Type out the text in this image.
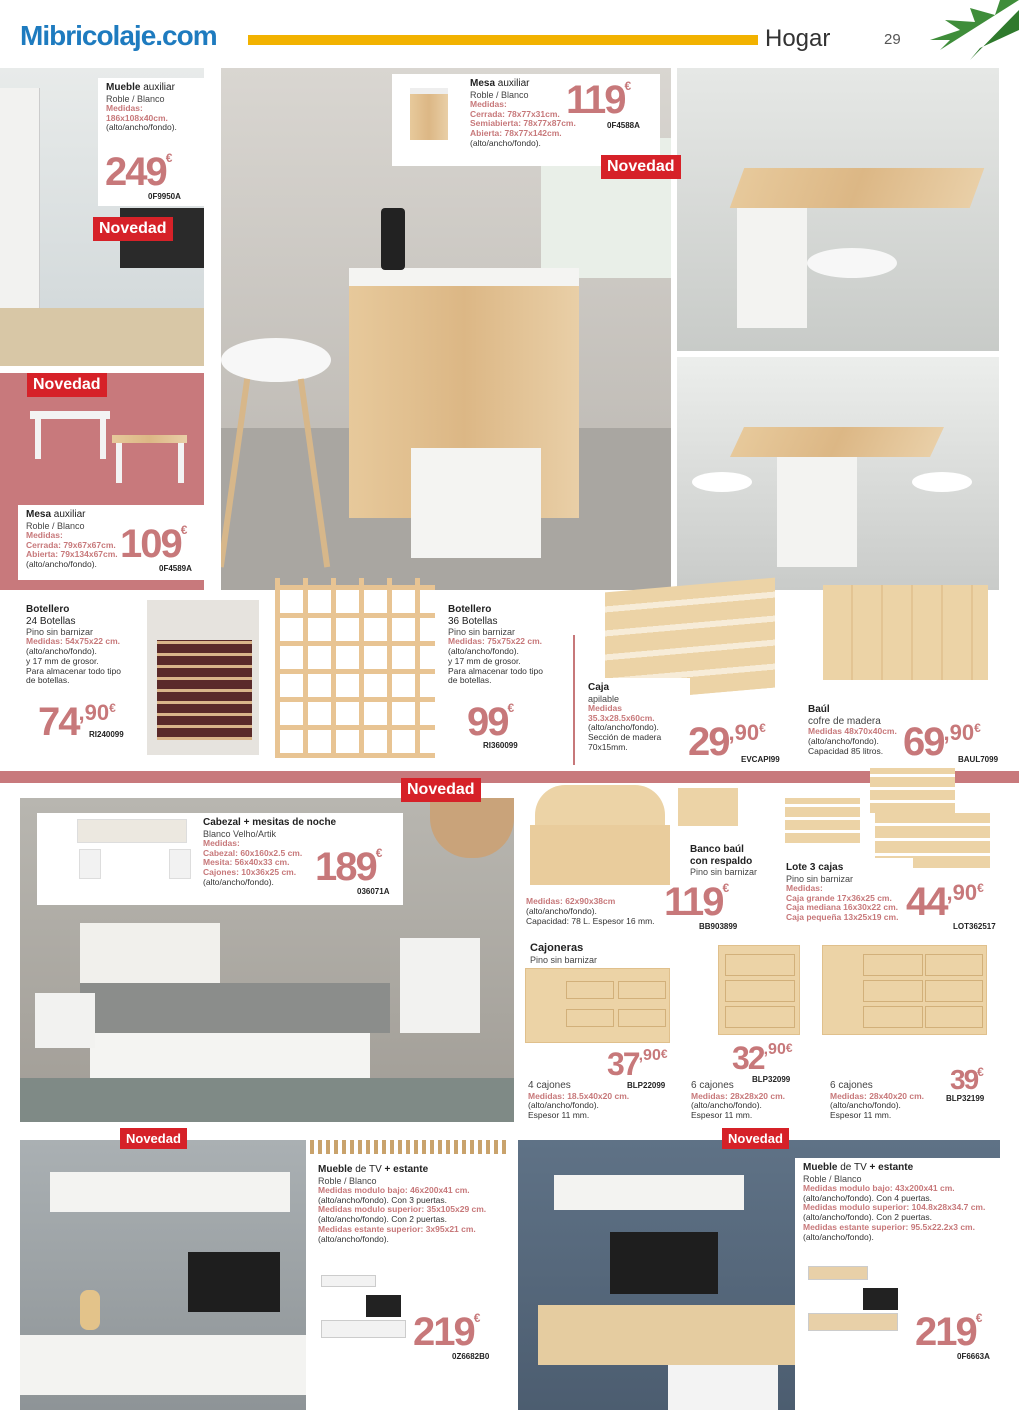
Mibricolaje.com	Hogar	29
Mueble auxiliar
Roble / Blanco
Medidas:
186x108x40cm.
(alto/ancho/fondo).
249€
0F9950A
Novedad
Mesa auxiliar
Roble / Blanco
Medidas:
Cerrada: 78x77x31cm.
Semiabierta: 78x77x87cm.
Abierta: 78x77x142cm.
(alto/ancho/fondo).
119€
0F4588A
Novedad
Novedad
Mesa auxiliar
Roble / Blanco
Medidas:
Cerrada: 79x67x67cm.
Abierta: 79x134x67cm.
(alto/ancho/fondo). 109€
0F4589A
Botellero
24 Botellas
Pino sin barnizar
Medidas: 54x75x22 cm.
(alto/ancho/fondo).
y 17 mm de grosor.
Para almacenar todo tipo
de botellas.
$74^{,90€}$
RI240099
Botellero
36 Botellas
Pino sin barnizar
Medidas: 75x75x22 cm.
(alto/ancho/fondo).
y 17 mm de grosor.
Para almacenar todo tipo
de botellas.
99€
RI360099
Caja
apilable
Medidas
35.3x28.5x60cm.
(alto/ancho/fondo).
Sección de madera
70x15mm.	$29^{,90€}$
EVCAPI99
Baúl
cofre de madera
Medidas 48x70x40cm.
(alto/ancho/fondo).
Capacidad 85 litros. $69^{,90€}$
BAUL7099
Cabezal + mesitas de noche
Blanco Velho/Artik
Medidas:
Cabezal: 60x160x2.5 cm.
Mesita: 56x40x33 cm.
Cajones: 10x36x25 cm.
(alto/ancho/fondo).	189€
036071A
Novedad
Banco baúl
con respaldo
Pino sin barnizar
Medidas: 62x90x38cm
(alto/ancho/fondo).
Capacidad: 78 L. Espesor 16 mm. 119€
BB903899
Lote 3 cajas
Pino sin barnizar
Medidas:
Caja grande 17x36x25 cm.
Caja mediana 16x30x22 cm.
Caja pequeña 13x25x19 cm. $44^{,90€}$
LOT362517
Cajoneras
Pino sin barnizar
4 cajones
Medidas: 18.5x40x20 cm.
(alto/ancho/fondo).
Espesor 11 mm.
$37^{,90€}$
BLP22099	6 cajones
Medidas: 28x28x20 cm.
(alto/ancho/fondo).
Espesor 11 mm.
$32^{,90€}$
BLP32099
6 cajones
Medidas: 28x40x20 cm.
(alto/ancho/fondo).
Espesor 11 mm.
39€
BLP32199
Novedad
Mueble de TV + estante
Roble / Blanco
Medidas modulo bajo: 46x200x41 cm.
(alto/ancho/fondo). Con 3 puertas.
Medidas modulo superior: 35x105x29 cm.
(alto/ancho/fondo). Con 2 puertas.
Medidas estante superior: 3x95x21 cm.
(alto/ancho/fondo).
219€
0Z6682B0
Novedad
Mueble de TV + estante
Roble / Blanco
Medidas modulo bajo: 43x200x41 cm.
(alto/ancho/fondo). Con 4 puertas.
Medidas modulo superior: 104.8x28x34.7 cm.
(alto/ancho/fondo). Con 2 puertas.
Medidas estante superior: 95.5x22.2x3 cm.
(alto/ancho/fondo).
219€
0F6663A
